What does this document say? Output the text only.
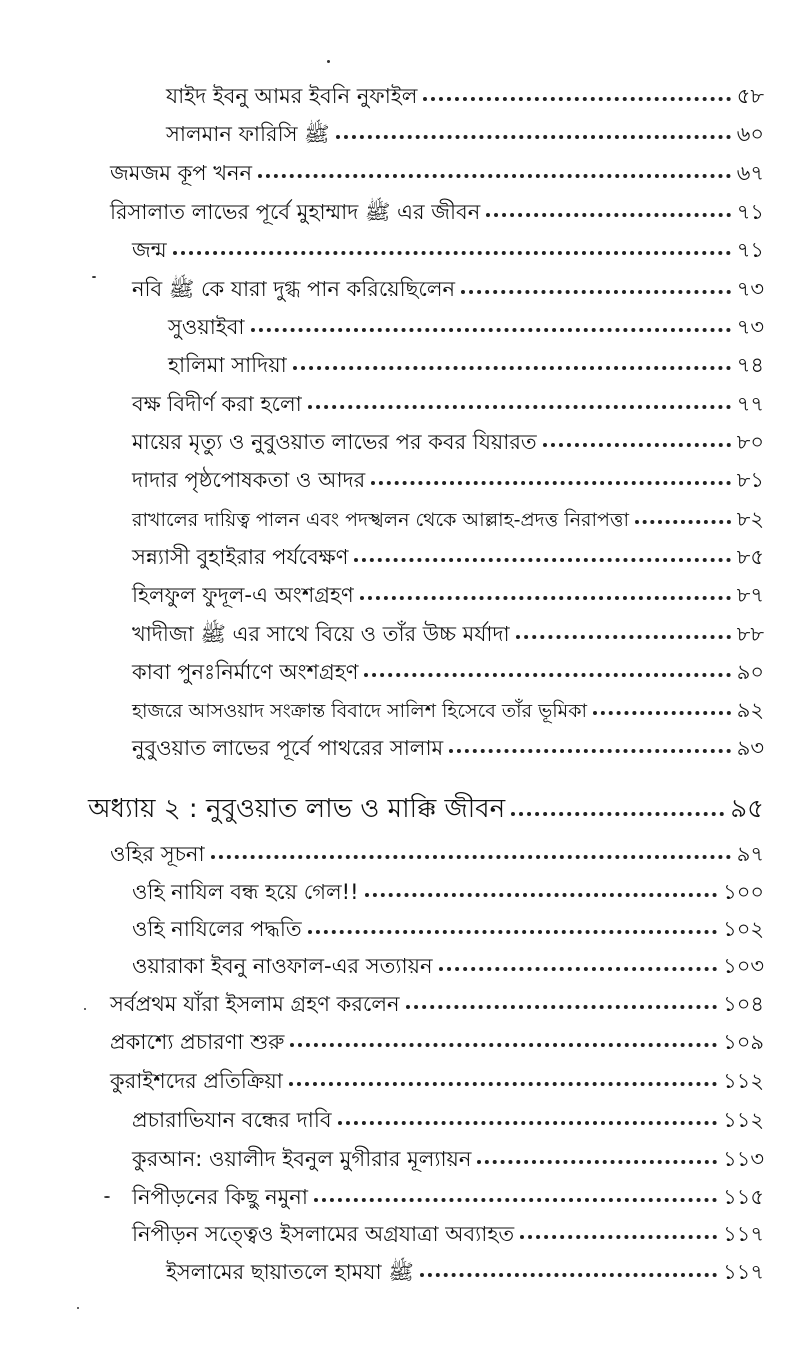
যাইদ ইবনু আমর ইবনি নুফাইল	৫৮
সালমান ফারিসি ﷺ	৬০
জমজম কূপ খনন	৬৭
রিসালাত লাভের পূর্বে মুহাম্মাদ ﷺ এর জীবন	৭১
জন্ম	৭১
নবি ﷺ কে যারা দুগ্ধ পান করিয়েছিলেন	৭৩
সুওয়াইবা	৭৩
হালিমা সাদিয়া	৭৪
বক্ষ বিদীর্ণ করা হলো	৭৭
মায়ের মৃত্যু ও নুবুওয়াত লাভের পর কবর যিয়ারত	৮০
দাদার পৃষ্ঠপোষকতা ও আদর	৮১
রাখালের দায়িত্ব পালন এবং পদস্খলন থেকে আল্লাহ-প্রদত্ত নিরাপত্তা	৮২
সন্ন্যাসী বুহাইরার পর্যবেক্ষণ	৮৫
হিলফুল ফুদূল-এ অংশগ্রহণ	৮৭
খাদীজা ﷺ এর সাথে বিয়ে ও তাঁর উচ্চ মর্যাদা	৮৮
কাবা পুনঃনির্মাণে অংশগ্রহণ	৯০
হাজরে আসওয়াদ সংক্রান্ত বিবাদে সালিশ হিসেবে তাঁর ভূমিকা	৯২
নুবুওয়াত লাভের পূর্বে পাথরের সালাম	৯৩
অধ্যায় ২ : নুবুওয়াত লাভ ও মাক্কি জীবন	৯৫
ওহির সূচনা	৯৭
ওহি নাযিল বন্ধ হয়ে গেল!!	১০০
ওহি নাযিলের পদ্ধতি	১০২
ওয়ারাকা ইবনু নাওফাল-এর সত্যায়ন	১০৩
সর্বপ্রথম যাঁরা ইসলাম গ্রহণ করলেন	১০৪
প্রকাশ্যে প্রচারণা শুরু	১০৯
কুরাইশদের প্রতিক্রিয়া	১১২
প্রচারাভিযান বন্ধের দাবি	১১২
কুরআন: ওয়ালীদ ইবনুল মুগীরার মূল্যায়ন	১১৩
নিপীড়নের কিছু নমুনা	১১৫
নিপীড়ন সত্ত্বেও ইসলামের অগ্রযাত্রা অব্যাহত	১১৭
ইসলামের ছায়াতলে হামযা ﷺ	১১৭
